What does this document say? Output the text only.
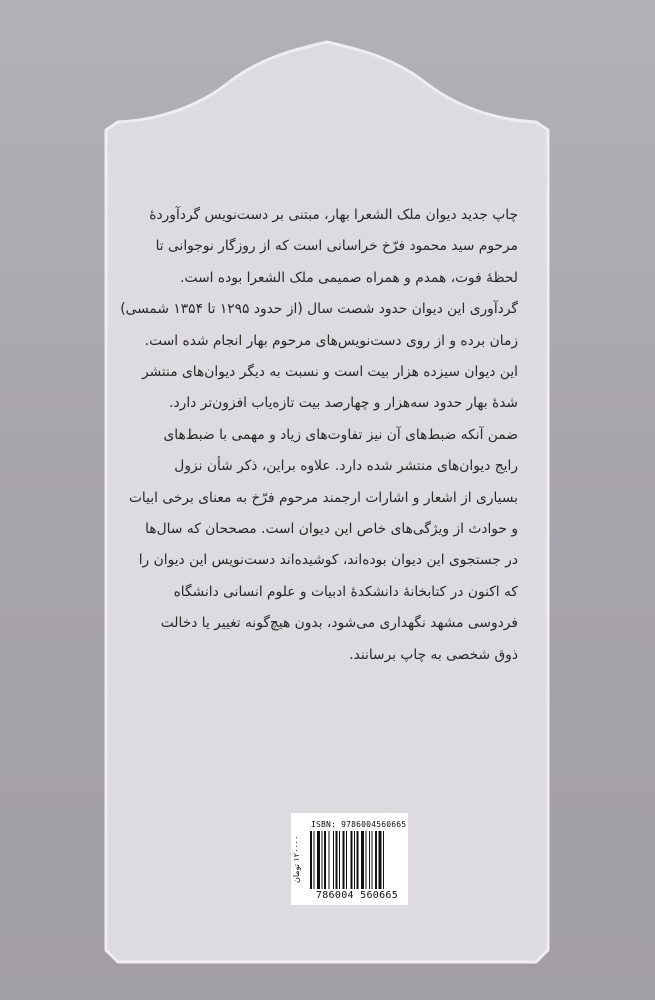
چاپ جدید دیوان ملک الشعرا بهار، مبتنی بر دست‌نویس گردآوردهٔ
مرحوم سید محمود فرّخ خراسانی است که از روزگار نوجوانی تا
لحظهٔ فوت، همدم و همراه صمیمی ملک الشعرا بوده است.
گردآوری این دیوان حدود شصت سال (از حدود ۱۲۹۵ تا ۱۳۵۴ شمسی)
زمان برده و از روی دست‌نویس‌های مرحوم بهار انجام شده است.
این دیوان سیزده هزار بیت است و نسبت به دیگر دیوان‌های منتشر
شدهٔ بهار حدود سه‌هزار و چهارصد بیت تازه‌یاب افزون‌تر دارد.
ضمن آنکه ضبط‌های آن نیز تفاوت‌های زیاد و مهمی با ضبط‌های
رایج دیوان‌های منتشر شده دارد. علاوه براین، ذکر شأن نزول
بسیاری از اشعار و اشارات ارجمند مرحوم فرّخ به معنای برخی ابیات
و حوادث از ویژگی‌های خاص این دیوان است. مصححان که سال‌ها
در جستجوی این دیوان بوده‌اند، کوشیده‌اند دست‌نویس این دیوان را
که اکنون در کتابخانهٔ دانشکدهٔ ادبیات و علوم انسانی دانشگاه
فردوسی مشهد نگهداری می‌شود، بدون هیچ‌گونه تغییر یا دخالت
ذوق شخصی به چاپ برسانند.
ISBN: 9786004560665
۱۲۰۰۰۰ تومان
786004 560665
